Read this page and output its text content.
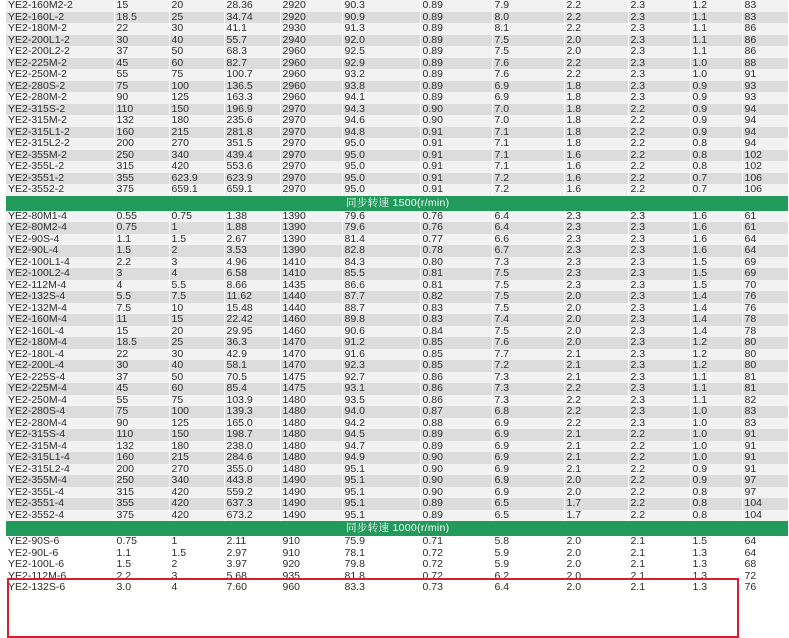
YE2-160M2-2	15	20	28.36	2920	90.3	0.89	7.9	2.2	2.3	1.2	83
YE2-160L-2	18.5	25	34.74	2920	90.9	0.89	8.0	2.2	2.3	1.1	83
YE2-180M-2	22	30	41.1	2930	91.3	0.89	8.1	2.2	2.3	1.1	86
YE2-200L1-2	30	40	55.7	2940	92.0	0.89	7.5	2.0	2.3	1.1	86
YE2-200L2-2	37	50	68.3	2960	92.5	0.89	7.5	2.0	2.3	1.1	86
YE2-225M-2	45	60	82.7	2960	92.9	0.89	7.6	2.2	2.3	1.0	88
YE2-250M-2	55	75	100.7	2960	93.2	0.89	7.6	2.2	2.3	1.0	91
YE2-280S-2	75	100	136.5	2960	93.8	0.89	6.9	1.8	2.3	0.9	93
YE2-280M-2	90	125	163.3	2960	94.1	0.89	6.9	1.8	2.3	0.9	93
YE2-315S-2	110	150	196.9	2970	94.3	0.90	7.0	1.8	2.2	0.9	94
YE2-315M-2	132	180	235.6	2970	94.6	0.90	7.0	1.8	2.2	0.9	94
YE2-315L1-2	160	215	281.8	2970	94.8	0.91	7.1	1.8	2.2	0.9	94
YE2-315L2-2	200	270	351.5	2970	95.0	0.91	7.1	1.8	2.2	0.8	94
YE2-355M-2	250	340	439.4	2970	95.0	0.91	7.1	1.6	2.2	0.8	102
YE2-355L-2	315	420	553.6	2970	95.0	0.91	7.1	1.6	2.2	0.8	102
YE2-3551-2	355	623.9	623.9	2970	95.0	0.91	7.2	1.6	2.2	0.7	106
YE2-3552-2	375	659.1	659.1	2970	95.0	0.91	7.2	1.6	2.2	0.7	106
同步转速 1500(r/min)											
YE2-80M1-4	0.55	0.75	1.38	1390	79.6	0.76	6.4	2.3	2.3	1.6	61
YE2-80M2-4	0.75	1	1.88	1390	79.6	0.76	6.4	2.3	2.3	1.6	61
YE2-90S-4	1.1	1.5	2.67	1390	81.4	0.77	6.6	2.3	2.3	1.6	64
YE2-90L-4	1.5	2	3.53	1390	82.8	0.78	6.7	2.3	2.3	1.6	64
YE2-100L1-4	2.2	3	4.96	1410	84.3	0.80	7.3	2.3	2.3	1.5	69
YE2-100L2-4	3	4	6.58	1410	85.5	0.81	7.5	2.3	2.3	1.5	69
YE2-112M-4	4	5.5	8.66	1435	86.6	0.81	7.5	2.3	2.3	1.5	70
YE2-132S-4	5.5	7.5	11.62	1440	87.7	0.82	7.5	2.0	2.3	1.4	76
YE2-132M-4	7.5	10	15.48	1440	88.7	0.83	7.5	2.0	2.3	1.4	76
YE2-160M-4	11	15	22.42	1460	89.8	0.83	7.4	2.0	2.3	1.4	78
YE2-160L-4	15	20	29.95	1460	90.6	0.84	7.5	2.0	2.3	1.4	78
YE2-180M-4	18.5	25	36.3	1470	91.2	0.85	7.6	2.0	2.3	1.2	80
YE2-180L-4	22	30	42.9	1470	91.6	0.85	7.7	2.1	2.3	1.2	80
YE2-200L-4	30	40	58.1	1470	92.3	0.85	7.2	2.1	2.3	1.2	80
YE2-225S-4	37	50	70.5	1475	92.7	0.86	7.3	2.1	2.3	1.1	81
YE2-225M-4	45	60	85.4	1475	93.1	0.86	7.3	2.2	2.3	1.1	81
YE2-250M-4	55	75	103.9	1480	93.5	0.86	7.3	2.2	2.3	1.1	82
YE2-280S-4	75	100	139.3	1480	94.0	0.87	6.8	2.2	2.3	1.0	83
YE2-280M-4	90	125	165.0	1480	94.2	0.88	6.9	2.2	2.3	1.0	83
YE2-315S-4	110	150	198.7	1480	94.5	0.89	6.9	2.1	2.2	1.0	91
YE2-315M-4	132	180	238.0	1480	94.7	0.89	6.9	2.1	2.2	1.0	91
YE2-315L1-4	160	215	284.6	1480	94.9	0.90	6.9	2.1	2.2	1.0	91
YE2-315L2-4	200	270	355.0	1480	95.1	0.90	6.9	2.1	2.2	0.9	91
YE2-355M-4	250	340	443.8	1490	95.1	0.90	6.9	2.0	2.2	0.9	97
YE2-355L-4	315	420	559.2	1490	95.1	0.90	6.9	2.0	2.2	0.8	97
YE2-3551-4	355	420	637.3	1490	95.1	0.89	6.5	1.7	2.2	0.8	104
YE2-3552-4	375	420	673.2	1490	95.1	0.89	6.5	1.7	2.2	0.8	104
同步转速 1000(r/min)											
YE2-90S-6	0.75	1	2.11	910	75.9	0.71	5.8	2.0	2.1	1.5	64
YE2-90L-6	1.1	1.5	2.97	910	78.1	0.72	5.9	2.0	2.1	1.3	64
YE2-100L-6	1.5	2	3.97	920	79.8	0.72	5.9	2.0	2.1	1.3	68
YE2-112M-6	2.2	3	5.68	935	81.8	0.72	6.2	2.0	2.1	1.3	72
YE2-132S-6	3.0	4	7.60	960	83.3	0.73	6.4	2.0	2.1	1.3	76
